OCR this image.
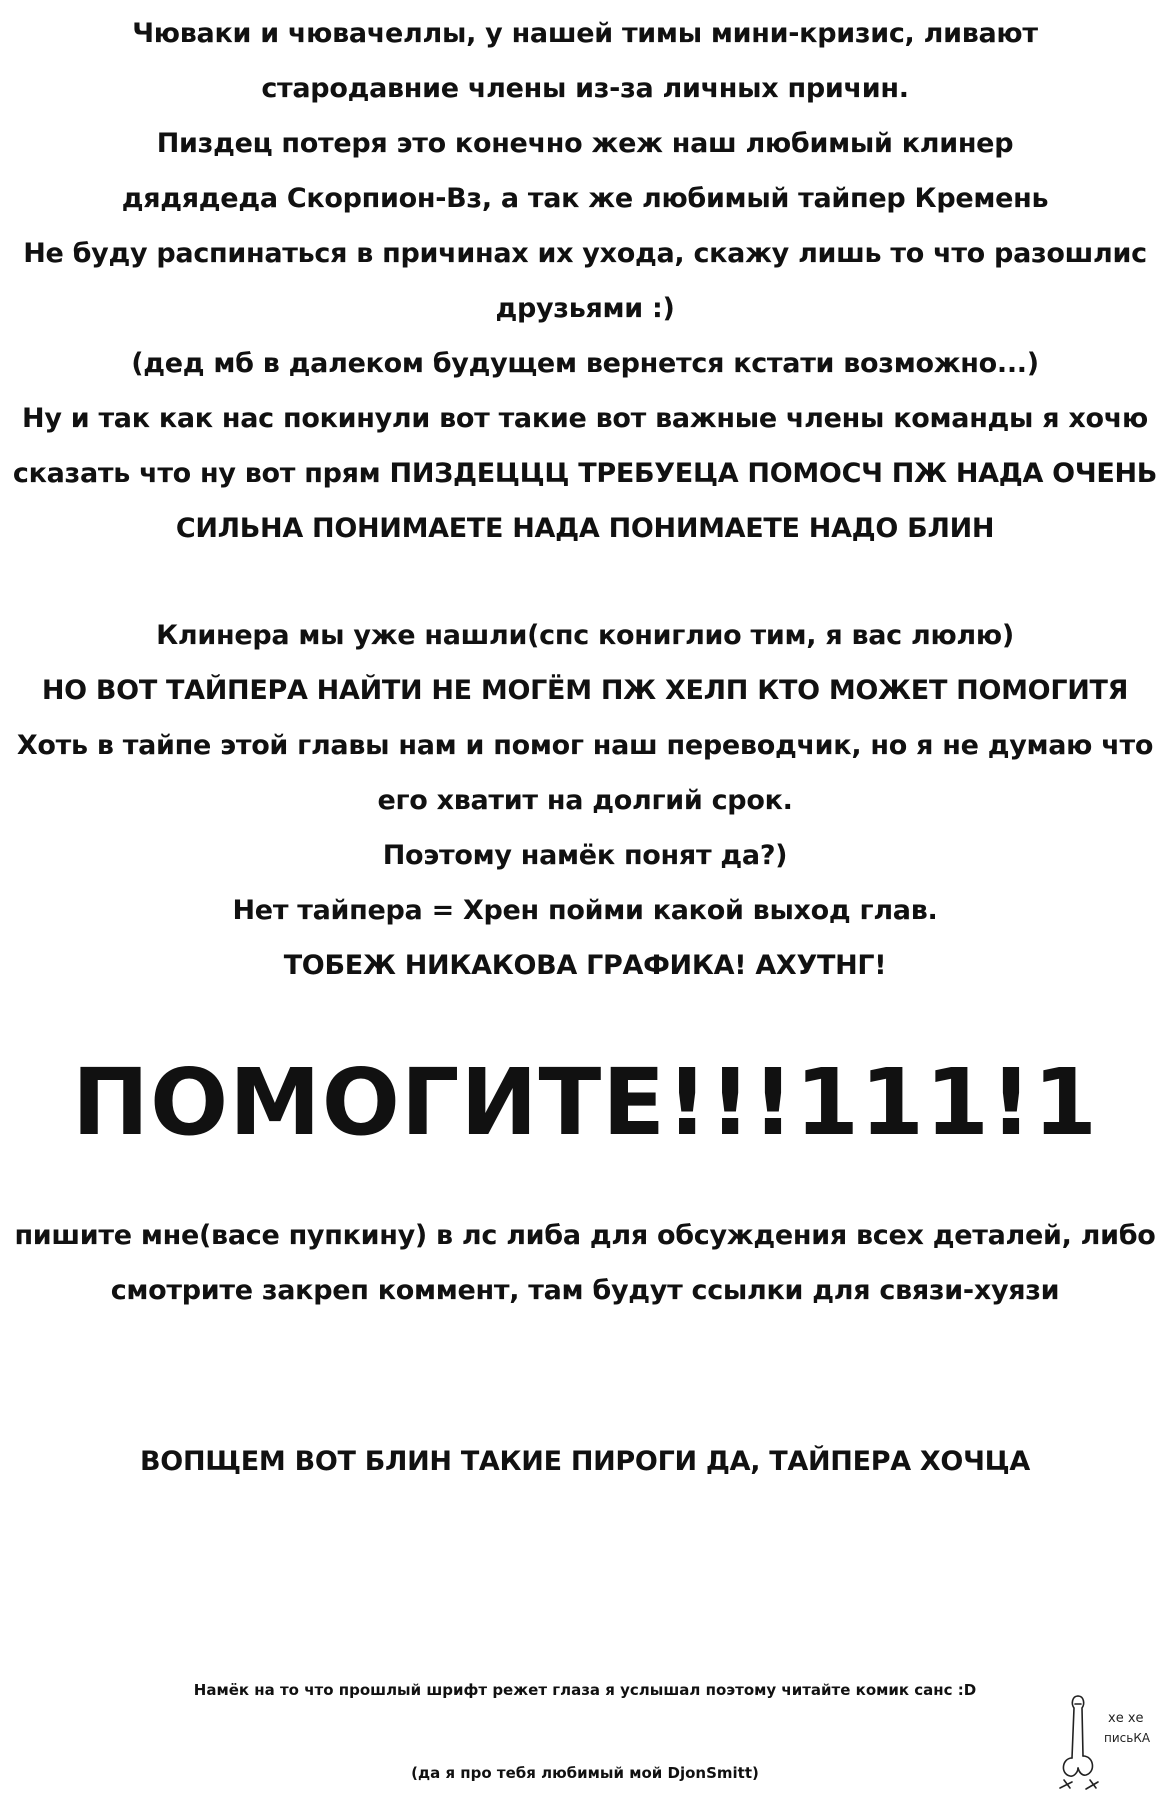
Чюваки и чювачеллы, у нашей тимы мини-кризис, ливают
стародавние члены из-за личных причин.
Пиздец потеря это конечно жеж наш любимый клинер
дядядеда Скорпион-Вз, а так же любимый тайпер Кремень
Не буду распинаться в причинах их ухода, скажу лишь то что разошлис
друзьями :)
(дед мб в далеком будущем вернется кстати возможно...)
Ну и так как нас покинули вот такие вот важные члены команды я хочю
сказать что ну вот прям ПИЗДЕЦЦЦ ТРЕБУЕЦА ПОМОСЧ ПЖ НАДА ОЧЕНЬ
СИЛЬНА ПОНИМАЕТЕ НАДА ПОНИМАЕТЕ НАДО БЛИН
Клинера мы уже нашли(спс кониглио тим, я вас люлю)
НО ВОТ ТАЙПЕРА НАЙТИ НЕ МОГЁМ ПЖ ХЕЛП КТО МОЖЕТ ПОМОГИТЯ
Хоть в тайпе этой главы нам и помог наш переводчик, но я не думаю что
его хватит на долгий срок.
Поэтому намёк понят да?)
Нет тайпера = Хрен пойми какой выход глав.
ТОБЕЖ НИКАКОВА ГРАФИКА! АХУТНГ!
ПОМОГИТЕ!!!111!1
пишите мне(васе пупкину) в лс либа для обсуждения всех деталей, либо
смотрите закреп коммент, там будут ссылки для связи-хуязи
ВОПЩЕМ ВОТ БЛИН ТАКИЕ ПИРОГИ ДА, ТАЙПЕРА ХОЧЦА
Намёк на то что прошлый шрифт режет глаза я услышал поэтому читайте комик санс :D
(да я про тебя любимый мой DjonSmitt)
хе хе
письКА
